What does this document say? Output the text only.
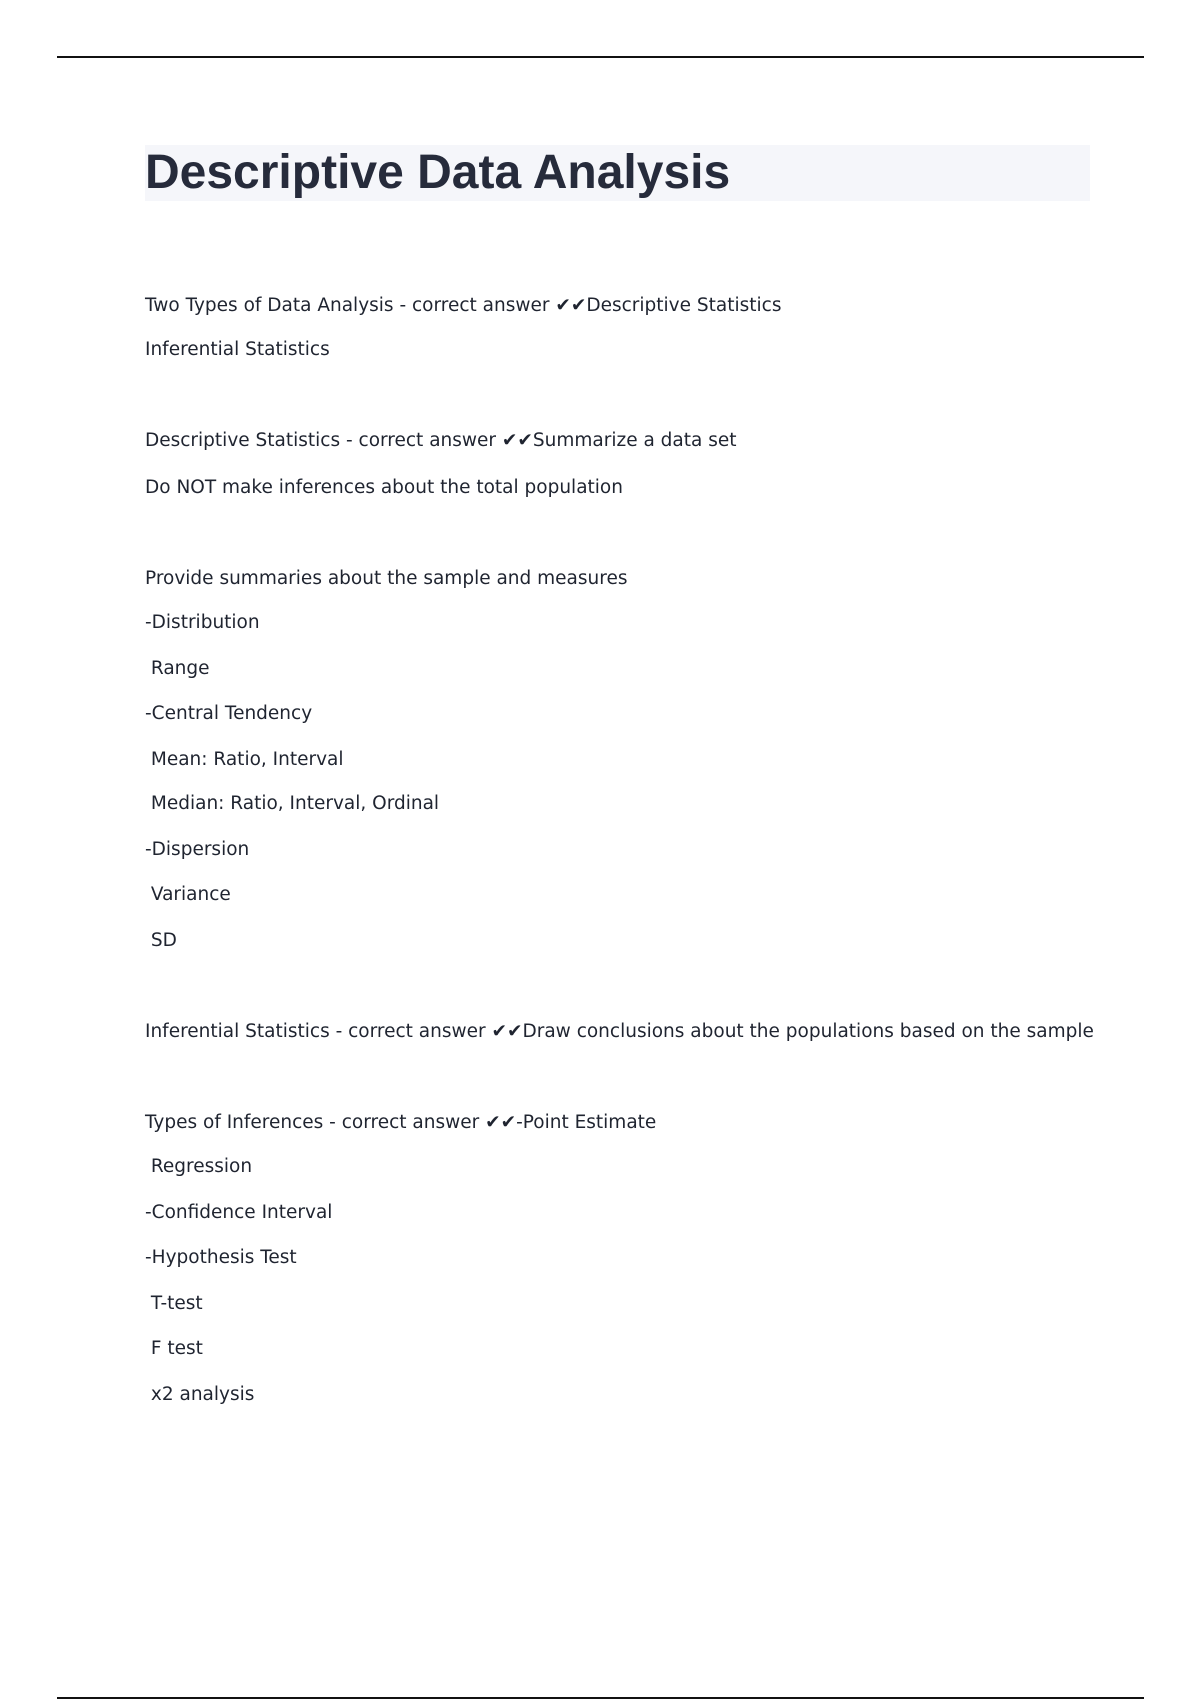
Descriptive Data Analysis
Two Types of Data Analysis - correct answer ✔✔Descriptive Statistics
Inferential Statistics
Descriptive Statistics - correct answer ✔✔Summarize a data set
Do NOT make inferences about the total population
Provide summaries about the sample and measures
-Distribution
Range
-Central Tendency
Mean: Ratio, Interval
Median: Ratio, Interval, Ordinal
-Dispersion
Variance
SD
Inferential Statistics - correct answer ✔✔Draw conclusions about the populations based on the sample
Types of Inferences - correct answer ✔✔-Point Estimate
Regression
-Confidence Interval
-Hypothesis Test
T-test
F test
x2 analysis
